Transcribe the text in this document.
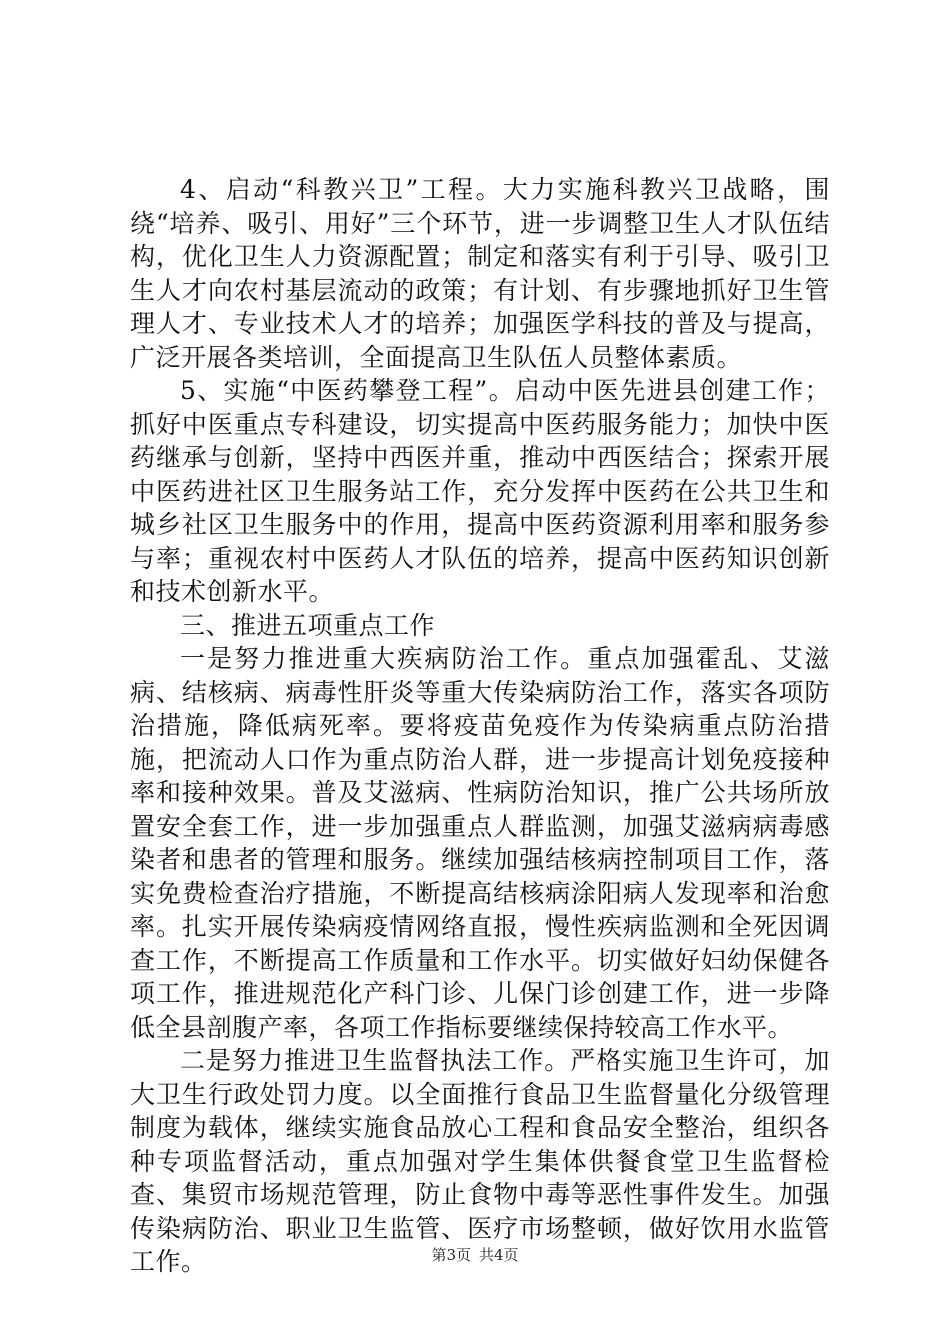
4、启动“科教兴卫”工程。大力实施科教兴卫战略，围绕“培养、吸引、用好”三个环节，进一步调整卫生人才队伍结构，优化卫生人力资源配置；制定和落实有利于引导、吸引卫生人才向农村基层流动的政策；有计划、有步骤地抓好卫生管理人才、专业技术人才的培养；加强医学科技的普及与提高，广泛开展各类培训，全面提高卫生队伍人员整体素质。

5、实施“中医药攀登工程”。启动中医先进县创建工作；抓好中医重点专科建设，切实提高中医药服务能力；加快中医药继承与创新，坚持中西医并重，推动中西医结合；探索开展中医药进社区卫生服务站工作，充分发挥中医药在公共卫生和城乡社区卫生服务中的作用，提高中医药资源利用率和服务参与率；重视农村中医药人才队伍的培养，提高中医药知识创新和技术创新水平。

三、推进五项重点工作

一是努力推进重大疾病防治工作。重点加强霍乱、艾滋病、结核病、病毒性肝炎等重大传染病防治工作，落实各项防治措施，降低病死率。要将疫苗免疫作为传染病重点防治措施，把流动人口作为重点防治人群，进一步提高计划免疫接种率和接种效果。普及艾滋病、性病防治知识，推广公共场所放置安全套工作，进一步加强重点人群监测，加强艾滋病病毒感染者和患者的管理和服务。继续加强结核病控制项目工作，落实免费检查治疗措施，不断提高结核病涂阳病人发现率和治愈率。扎实开展传染病疫情网络直报，慢性疾病监测和全死因调查工作，不断提高工作质量和工作水平。切实做好妇幼保健各项工作，推进规范化产科门诊、儿保门诊创建工作，进一步降低全县剖腹产率，各项工作指标要继续保持较高工作水平。

二是努力推进卫生监督执法工作。严格实施卫生许可，加大卫生行政处罚力度。以全面推行食品卫生监督量化分级管理制度为载体，继续实施食品放心工程和食品安全整治，组织各种专项监督活动，重点加强对学生集体供餐食堂卫生监督检查、集贸市场规范管理，防止食物中毒等恶性事件发生。加强传染病防治、职业卫生监管、医疗市场整顿，做好饮用水监管工作。	第3页 共4页
